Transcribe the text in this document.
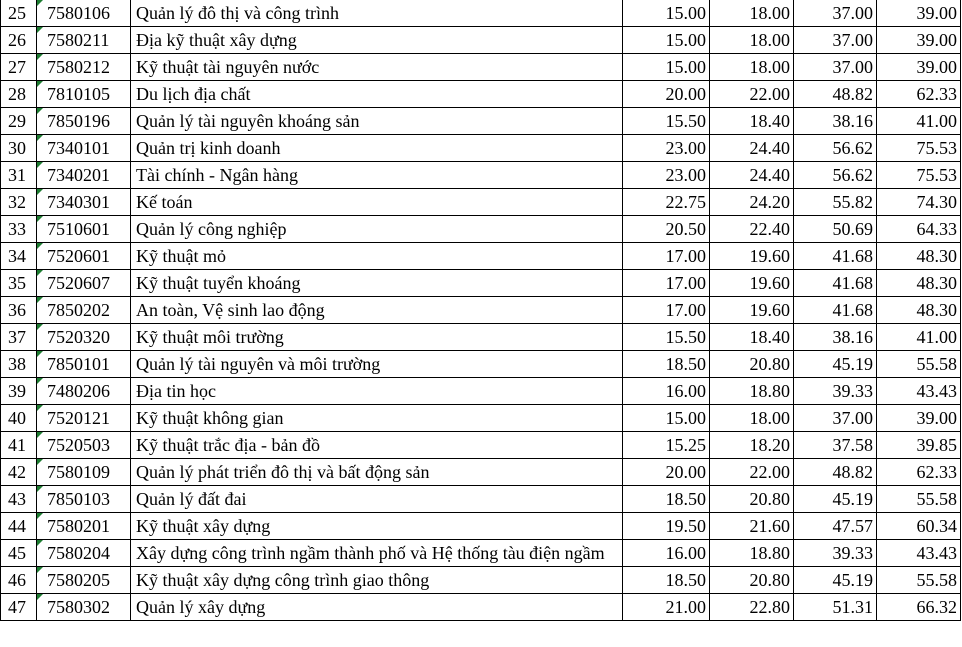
25	7580106	Quản lý đô thị và công trình	15.00	18.00	37.00	39.00
26	7580211	Địa kỹ thuật xây dựng	15.00	18.00	37.00	39.00
27	7580212	Kỹ thuật tài nguyên nước	15.00	18.00	37.00	39.00
28	7810105	Du lịch địa chất	20.00	22.00	48.82	62.33
29	7850196	Quản lý tài nguyên khoáng sản	15.50	18.40	38.16	41.00
30	7340101	Quản trị kinh doanh	23.00	24.40	56.62	75.53
31	7340201	Tài chính - Ngân hàng	23.00	24.40	56.62	75.53
32	7340301	Kế toán	22.75	24.20	55.82	74.30
33	7510601	Quản lý công nghiệp	20.50	22.40	50.69	64.33
34	7520601	Kỹ thuật mỏ	17.00	19.60	41.68	48.30
35	7520607	Kỹ thuật tuyển khoáng	17.00	19.60	41.68	48.30
36	7850202	An toàn, Vệ sinh lao động	17.00	19.60	41.68	48.30
37	7520320	Kỹ thuật môi trường	15.50	18.40	38.16	41.00
38	7850101	Quản lý tài nguyên và môi trường	18.50	20.80	45.19	55.58
39	7480206	Địa tin học	16.00	18.80	39.33	43.43
40	7520121	Kỹ thuật không gian	15.00	18.00	37.00	39.00
41	7520503	Kỹ thuật trắc địa - bản đồ	15.25	18.20	37.58	39.85
42	7580109	Quản lý phát triển đô thị và bất động sản	20.00	22.00	48.82	62.33
43	7850103	Quản lý đất đai	18.50	20.80	45.19	55.58
44	7580201	Kỹ thuật xây dựng	19.50	21.60	47.57	60.34
45	7580204	Xây dựng công trình ngầm thành phố và Hệ thống tàu điện ngầm	16.00	18.80	39.33	43.43
46	7580205	Kỹ thuật xây dựng công trình giao thông	18.50	20.80	45.19	55.58
47	7580302	Quản lý xây dựng	21.00	22.80	51.31	66.32
